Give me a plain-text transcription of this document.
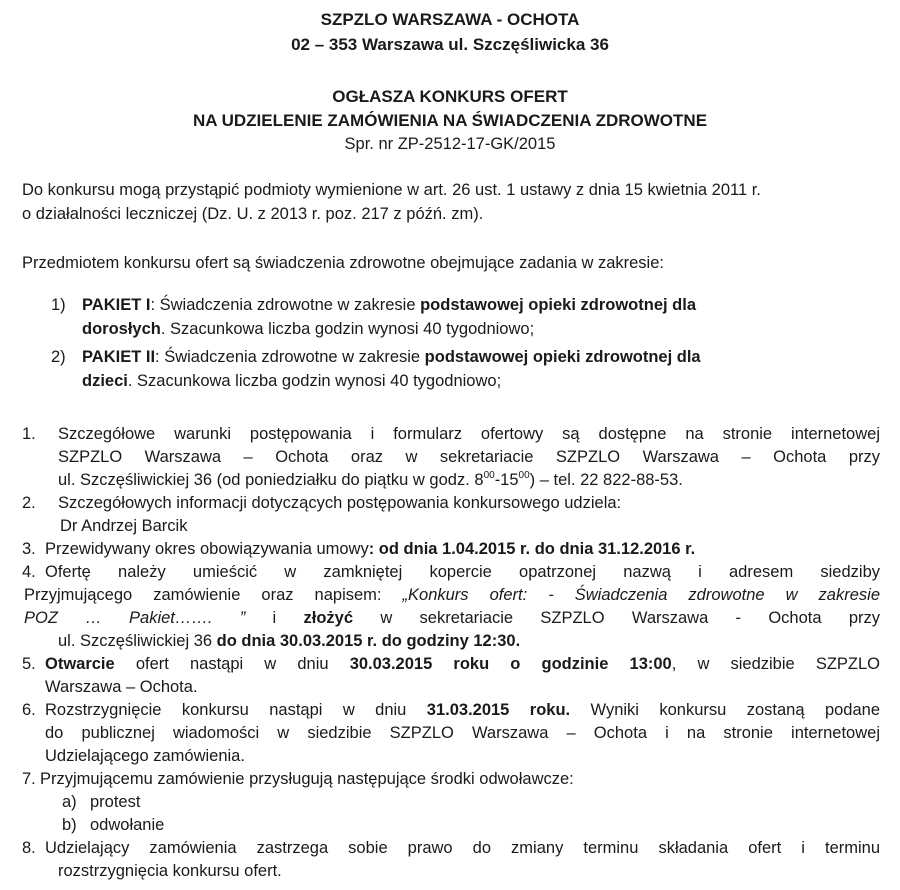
SZPZLO WARSZAWA - OCHOTA
02 – 353 Warszawa ul. Szczęśliwicka 36
OGŁASZA KONKURS OFERT
NA UDZIELENIE ZAMÓWIENIA NA ŚWIADCZENIA ZDROWOTNE
Spr. nr ZP-2512-17-GK/2015
Do konkursu mogą przystąpić podmioty wymienione w art. 26 ust. 1 ustawy z dnia 15 kwietnia 2011 r.
o działalności leczniczej (Dz. U. z 2013 r. poz. 217 z późń. zm).
Przedmiotem konkursu ofert są świadczenia zdrowotne obejmujące zadania w zakresie:
1) PAKIET I: Świadczenia zdrowotne w zakresie podstawowej opieki zdrowotnej dla
dorosłych. Szacunkowa liczba godzin wynosi 40 tygodniowo;
2) PAKIET II: Świadczenia zdrowotne w zakresie podstawowej opieki zdrowotnej dla
dzieci. Szacunkowa liczba godzin wynosi 40 tygodniowo;
1. Szczegółowe warunki postępowania i formularz ofertowy są dostępne na stronie internetowej
SZPZLO Warszawa – Ochota oraz w sekretariacie SZPZLO Warszawa – Ochota przy
ul. Szczęśliwickiej 36 (od poniedziałku do piątku w godz. $8^{00}-15^{00}$) – tel. 22 822-88-53.
2. Szczegółowych informacji dotyczących postępowania konkursowego udziela:
Dr Andrzej Barcik
3. Przewidywany okres obowiązywania umowy: od dnia 1.04.2015 r. do dnia 31.12.2016 r.
4. Ofertę należy umieścić w zamkniętej kopercie opatrzonej nazwą i adresem siedziby
Przyjmującego zamówienie oraz napisem: „Konkurs ofert: - Świadczenia zdrowotne w zakresie
POZ … Pakiet……. ” i złożyć w sekretariacie SZPZLO Warszawa - Ochota przy
ul. Szczęśliwickiej 36 do dnia 30.03.2015 r. do godziny 12:30.
5. Otwarcie ofert nastąpi w dniu 30.03.2015 roku o godzinie 13:00, w siedzibie SZPZLO
Warszawa – Ochota.
6. Rozstrzygnięcie konkursu nastąpi w dniu 31.03.2015 roku. Wyniki konkursu zostaną podane
do publicznej wiadomości w siedzibie SZPZLO Warszawa – Ochota i na stronie internetowej
Udzielającego zamówienia.
7. Przyjmującemu zamówienie przysługują następujące środki odwoławcze:
a) protest
b) odwołanie
8. Udzielający zamówienia zastrzega sobie prawo do zmiany terminu składania ofert i terminu
rozstrzygnięcia konkursu ofert.
